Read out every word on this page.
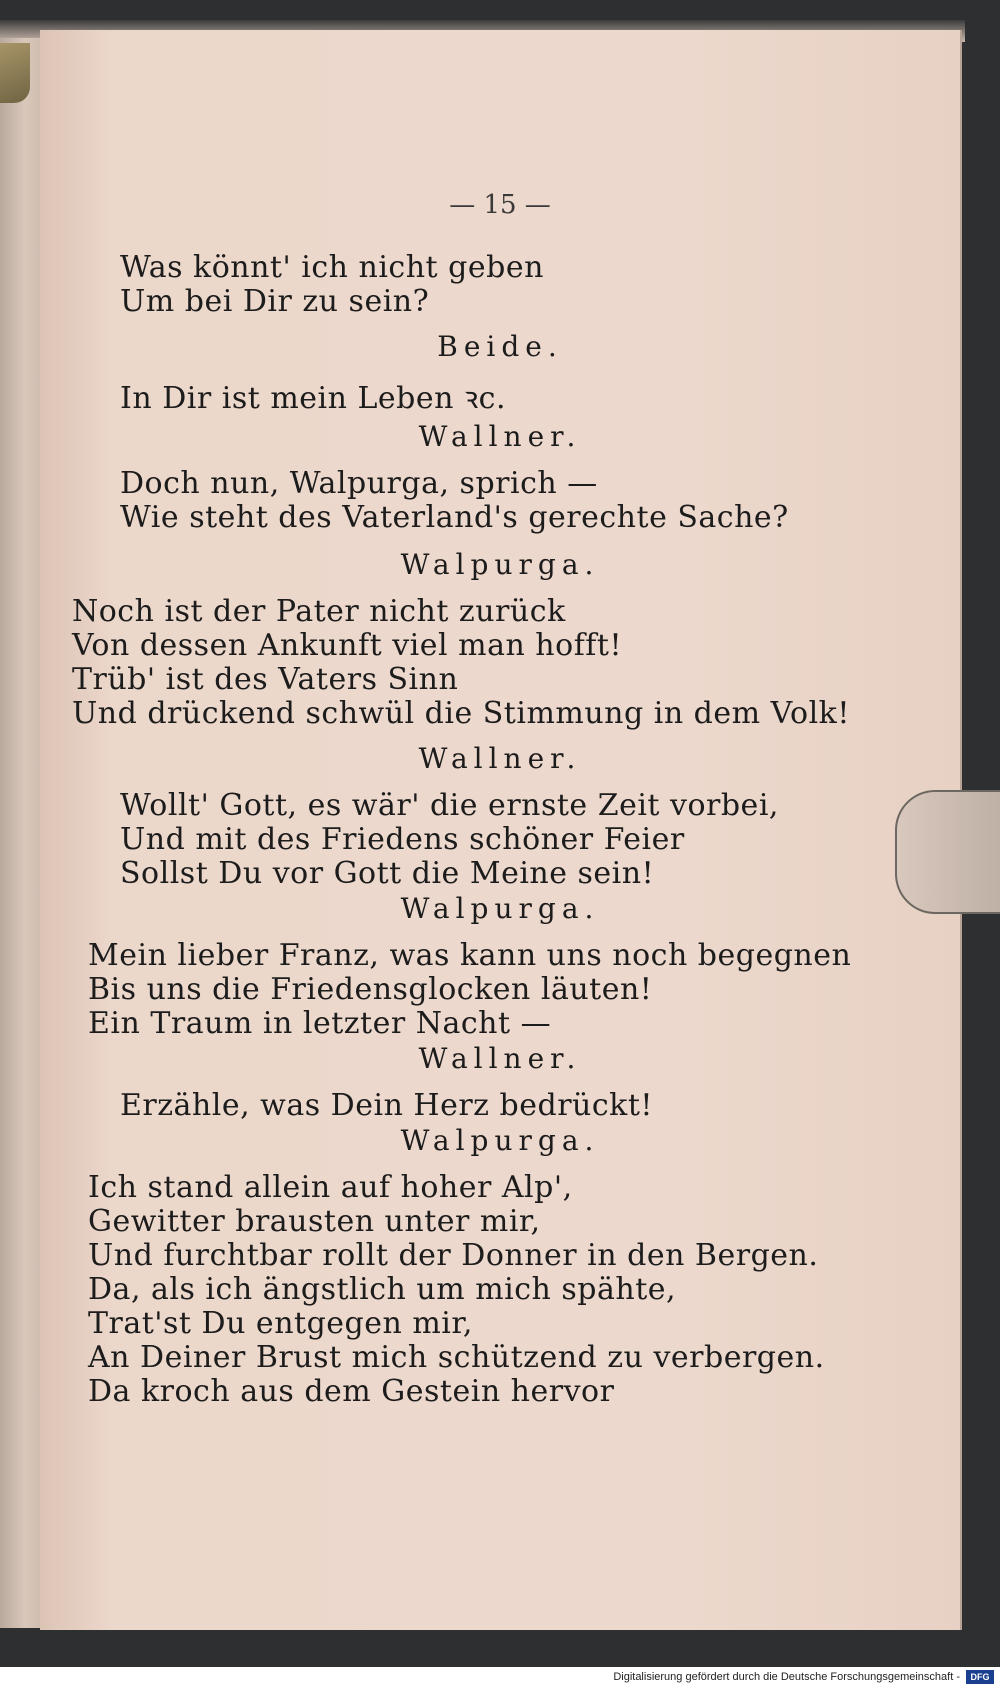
— 15 —
Was könnt' ich nicht geben
Um bei Dir zu sein?
Beide.
In Dir ist mein Leben ꝛc.
Wallner.
Doch nun, Walpurga, sprich —
Wie steht des Vaterland's gerechte Sache?
Walpurga.
Noch ist der Pater nicht zurück
Von dessen Ankunft viel man hofft!
Trüb' ist des Vaters Sinn
Und drückend schwül die Stimmung in dem Volk!
Wallner.
Wollt' Gott, es wär' die ernste Zeit vorbei,
Und mit des Friedens schöner Feier
Sollst Du vor Gott die Meine sein!
Walpurga.
Mein lieber Franz, was kann uns noch begegnen
Bis uns die Friedensglocken läuten!
Ein Traum in letzter Nacht —
Wallner.
Erzähle, was Dein Herz bedrückt!
Walpurga.
Ich stand allein auf hoher Alp',
Gewitter brausten unter mir,
Und furchtbar rollt der Donner in den Bergen.
Da, als ich ängstlich um mich spähte,
Trat'st Du entgegen mir,
An Deiner Brust mich schützend zu verbergen.
Da kroch aus dem Gestein hervor
Digitalisierung gefördert durch die Deutsche Forschungsgemeinschaft -	DFG
